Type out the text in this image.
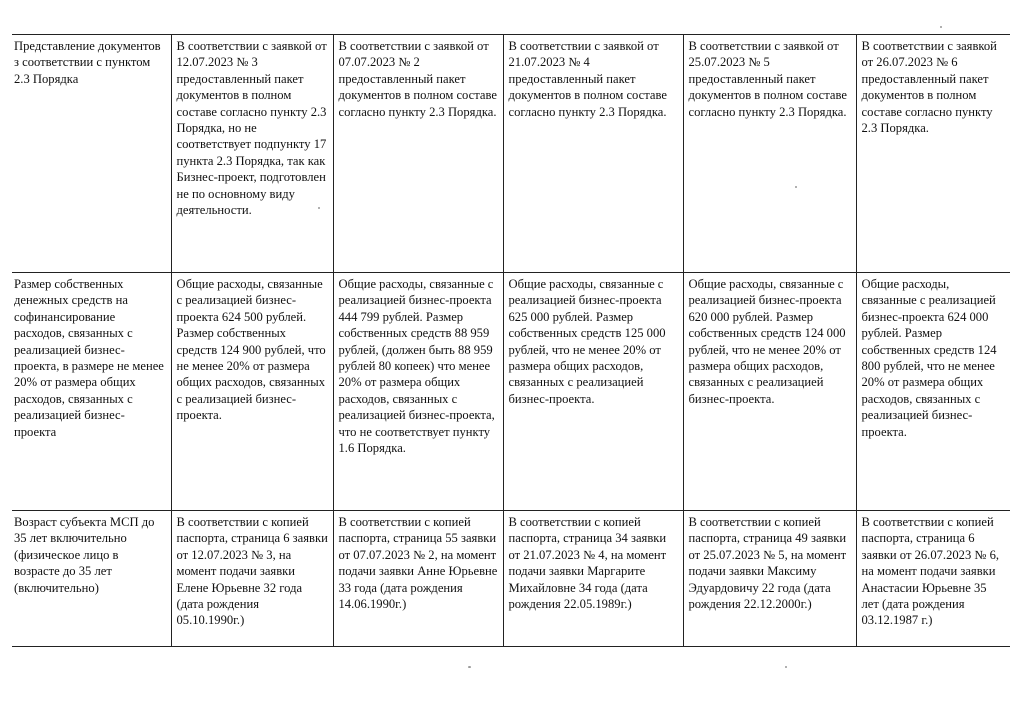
Представление документов з соответствии с пунктом 2.3 Порядка	В соответствии с заявкой от 12.07.2023 № 3 предоставленный пакет документов в полном составе согласно пункту 2.3 Порядка, но не соответствует подпункту 17 пункта 2.3 Порядка, так как Бизнес-проект, подготовлен не по основному виду деятельности.	В соответствии с заявкой от 07.07.2023 № 2 предоставленный пакет документов в полном составе согласно пункту 2.3 Порядка.	В соответствии с заявкой от 21.07.2023 № 4 предоставленный пакет документов в полном составе согласно пункту 2.3 Порядка.	В соответствии с заявкой от 25.07.2023 № 5 предоставленный пакет документов в полном составе согласно пункту 2.3 Порядка.	В соответствии с заявкой от 26.07.2023 № 6 предоставленный пакет документов в полном составе согласно пункту 2.3 Порядка.
Размер собственных денежных средств на софинансирование расходов, связанных с реализацией бизнес-проекта, в размере не менее 20% от размера общих расходов, связанных с реализацией бизнес-проекта	Общие расходы, связанные с реализацией бизнес-проекта 624 500 рублей. Размер собственных средств 124 900 рублей, что не менее 20% от размера общих расходов, связанных с реализацией бизнес-проекта.	Общие расходы, связанные с реализацией бизнес-проекта 444 799 рублей. Размер собственных средств 88 959 рублей, (должен быть 88 959 рублей 80 копеек) что менее 20% от размера общих расходов, связанных с реализацией бизнес-проекта, что не соответствует пункту 1.6 Порядка.	Общие расходы, связанные с реализацией бизнес-проекта 625 000 рублей. Размер собственных средств 125 000 рублей, что не менее 20% от размера общих расходов, связанных с реализацией бизнес-проекта.	Общие расходы, связанные с реализацией бизнес-проекта 620 000 рублей. Размер собственных средств 124 000 рублей, что не менее 20% от размера общих расходов, связанных с реализацией бизнес-проекта.	Общие расходы, связанные с реализацией бизнес-проекта 624 000 рублей. Размер собственных средств 124 800 рублей, что не менее 20% от размера общих расходов, связанных с реализацией бизнес-проекта.
Возраст субъекта МСП до 35 лет включительно (физическое лицо в возрасте до 35 лет (включительно)	В соответствии с копией паспорта, страница 6 заявки от 12.07.2023 № 3, на момент подачи заявки Елене Юрьевне 32 года (дата рождения 05.10.1990г.)	В соответствии с копией паспорта, страница 55 заявки от 07.07.2023 № 2, на момент подачи заявки Анне Юрьевне 33 года (дата рождения 14.06.1990г.)	В соответствии с копией паспорта, страница 34 заявки от 21.07.2023 № 4, на момент подачи заявки Маргарите Михайловне 34 года (дата рождения 22.05.1989г.)	В соответствии с копией паспорта, страница 49 заявки от 25.07.2023 № 5, на момент подачи заявки Максиму Эдуардовичу 22 года (дата рождения 22.12.2000г.)	В соответствии с копией паспорта, страница 6 заявки от 26.07.2023 № 6, на момент подачи заявки Анастасии Юрьевне 35 лет (дата рождения 03.12.1987 г.)
